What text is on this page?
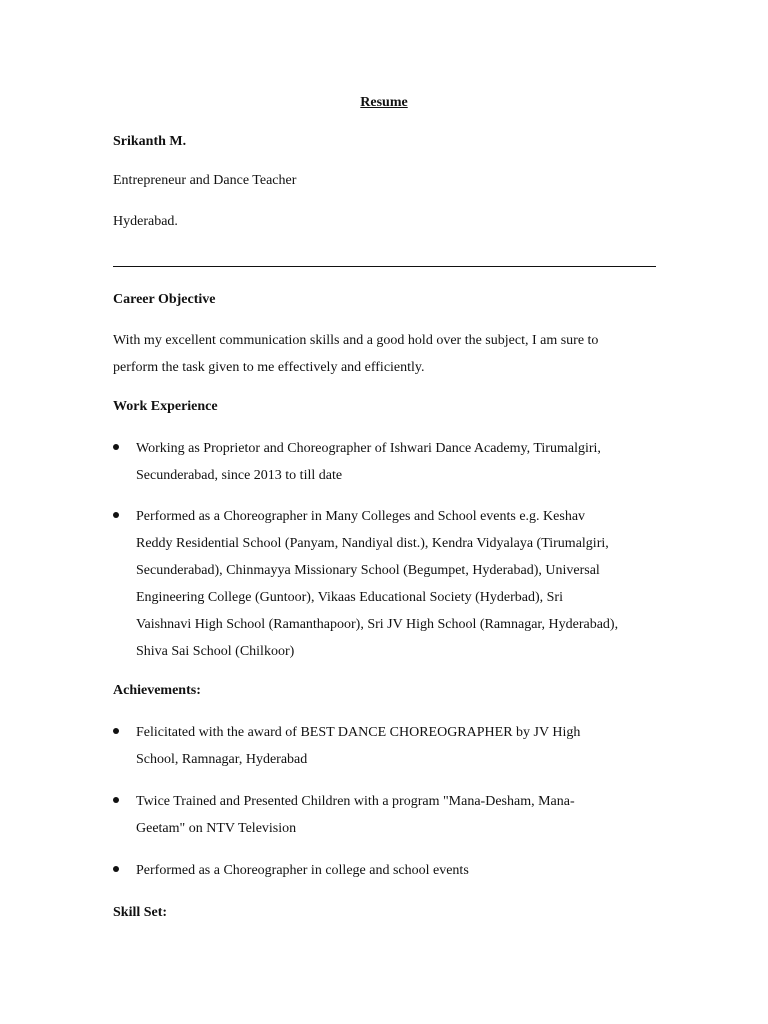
Resume
Srikanth M.
Entrepreneur and Dance Teacher
Hyderabad.
Career Objective
With my excellent communication skills and a good hold over the subject, I am sure to
perform the task given to me effectively and efficiently.
Work Experience
Working as Proprietor and Choreographer of Ishwari Dance Academy, Tirumalgiri,
Secunderabad, since 2013 to till date
Performed as a Choreographer in Many Colleges and School events e.g. Keshav
Reddy Residential School (Panyam, Nandiyal dist.), Kendra Vidyalaya (Tirumalgiri,
Secunderabad), Chinmayya Missionary School (Begumpet, Hyderabad), Universal
Engineering College (Guntoor), Vikaas Educational Society (Hyderbad), Sri
Vaishnavi High School (Ramanthapoor), Sri JV High School (Ramnagar, Hyderabad),
Shiva Sai School (Chilkoor)
Achievements:
Felicitated with the award of BEST DANCE CHOREOGRAPHER by JV High
School, Ramnagar, Hyderabad
Twice Trained and Presented Children with a program "Mana-Desham, Mana-
Geetam" on NTV Television
Performed as a Choreographer in college and school events
Skill Set:
